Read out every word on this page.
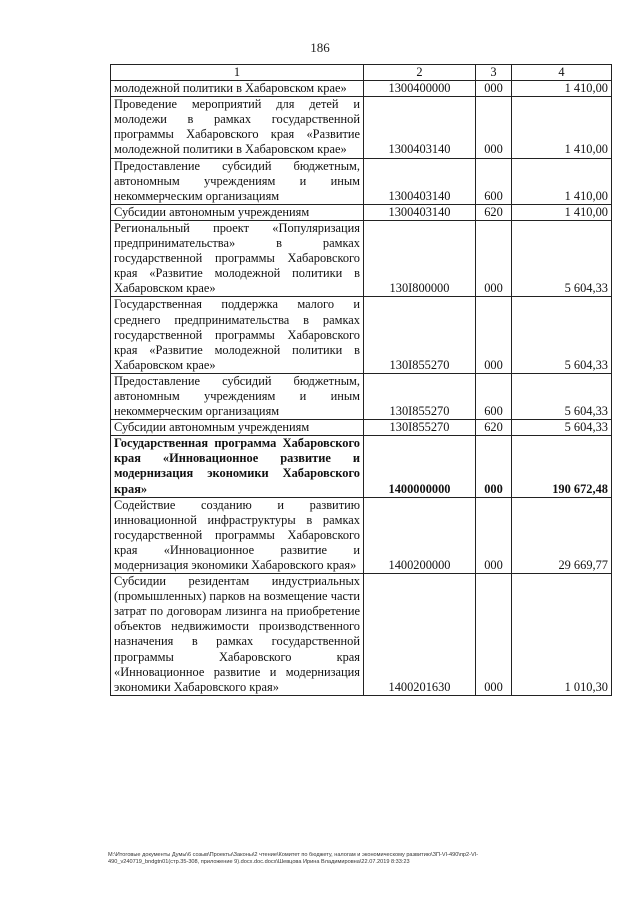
186
1	2	3	4
молодежной политики в Хабаровском крае»	1300400000	000	1 410,00
Проведение мероприятий для детей и молодежи в рамках государственной программы Хабаровского края «Развитие молодежной политики в Хабаровском крае»	1300403140	000	1 410,00
Предоставление субсидий бюджетным, автономным учреждениям и иным некоммерческим организациям	1300403140	600	1 410,00
Субсидии автономным учреждениям	1300403140	620	1 410,00
Региональный проект «Популяризация предпринимательства» в рамках государственной программы Хабаровского края «Развитие молодежной политики в Хабаровском крае»	130I800000	000	5 604,33
Государственная поддержка малого и среднего предпринимательства в рамках государственной программы Хабаровского края «Развитие молодежной политики в Хабаровском крае»	130I855270	000	5 604,33
Предоставление субсидий бюджетным, автономным учреждениям и иным некоммерческим организациям	130I855270	600	5 604,33
Субсидии автономным учреждениям	130I855270	620	5 604,33
Государственная программа Хабаровского края «Инновационное развитие и модернизация экономики Хабаровского края»	1400000000	000	190 672,48
Содействие созданию и развитию инновационной инфраструктуры в рамках государственной программы Хабаровского края «Инновационное развитие и модернизация экономики Хабаровского края»	1400200000	000	29 669,77
Субсидии резидентам индустриальных (промышленных) парков на возмещение части затрат по договорам лизинга на приобретение объектов недвижимости производственного назначения в рамках государственной программы Хабаровского края «Инновационное развитие и модернизация экономики Хабаровского края»	1400201630	000	1 010,30
М:\Итоговые документы Думы\6 созыв\Проекты\Законы\2 чтение\Комитет по бюджету, налогам и экономическому развитию\ЗП-VI-490\пр2-VI-
490_v240719_bndgtn01(стр.35-308, приложение 9).docx.doc.docx\Шевцова Ирина Владимировна\22.07.2019 8:33:23
